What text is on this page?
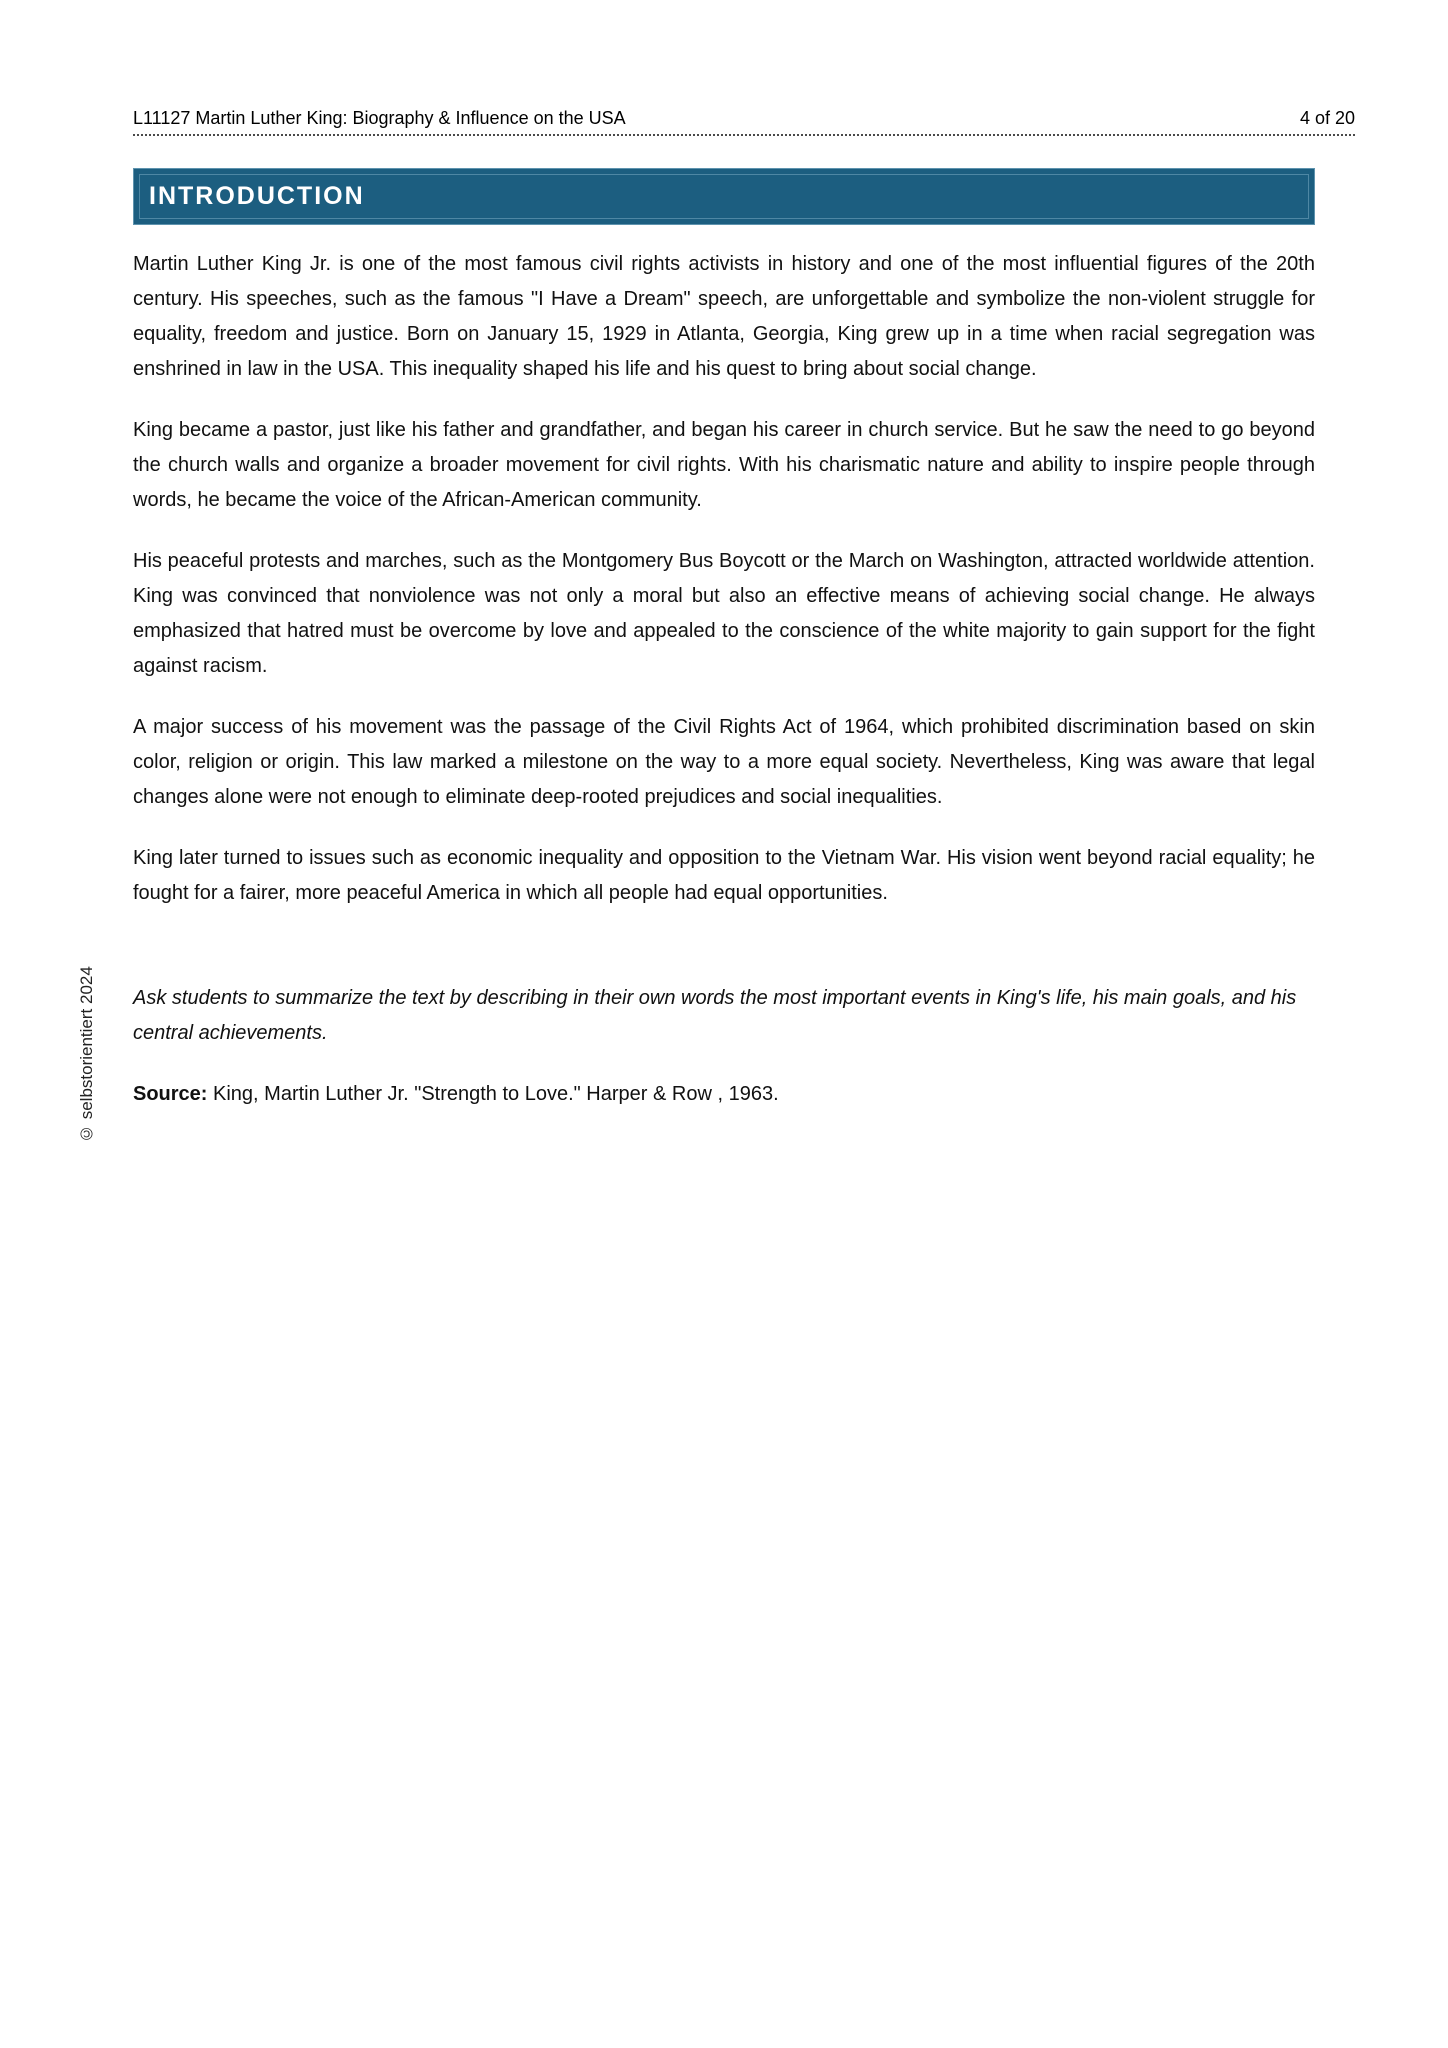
L11127 Martin Luther King: Biography & Influence on the USA	4 of 20
INTRODUCTION

Martin Luther King Jr. is one of the most famous civil rights activists in history and one of the most influential figures of the 20th century. His speeches, such as the famous "I Have a Dream" speech, are unforgettable and symbolize the non-violent struggle for equality, freedom and justice. Born on January 15, 1929 in Atlanta, Georgia, King grew up in a time when racial segregation was enshrined in law in the USA. This inequality shaped his life and his quest to bring about social change.

King became a pastor, just like his father and grandfather, and began his career in church service. But he saw the need to go beyond the church walls and organize a broader movement for civil rights. With his charismatic nature and ability to inspire people through words, he became the voice of the African-American community.

His peaceful protests and marches, such as the Montgomery Bus Boycott or the March on Washington, attracted worldwide attention. King was convinced that nonviolence was not only a moral but also an effective means of achieving social change. He always emphasized that hatred must be overcome by love and appealed to the conscience of the white majority to gain support for the fight against racism.

A major success of his movement was the passage of the Civil Rights Act of 1964, which prohibited discrimination based on skin color, religion or origin. This law marked a milestone on the way to a more equal society. Nevertheless, King was aware that legal changes alone were not enough to eliminate deep-rooted prejudices and social inequalities.

King later turned to issues such as economic inequality and opposition to the Vietnam War. His vision went beyond racial equality; he fought for a fairer, more peaceful America in which all people had equal opportunities.

Ask students to summarize the text by describing in their own words the most important events in King's life, his main goals, and his central achievements.

Source: King, Martin Luther Jr. "Strength to Love." Harper & Row , 1963.

© selbstorientiert 2024
